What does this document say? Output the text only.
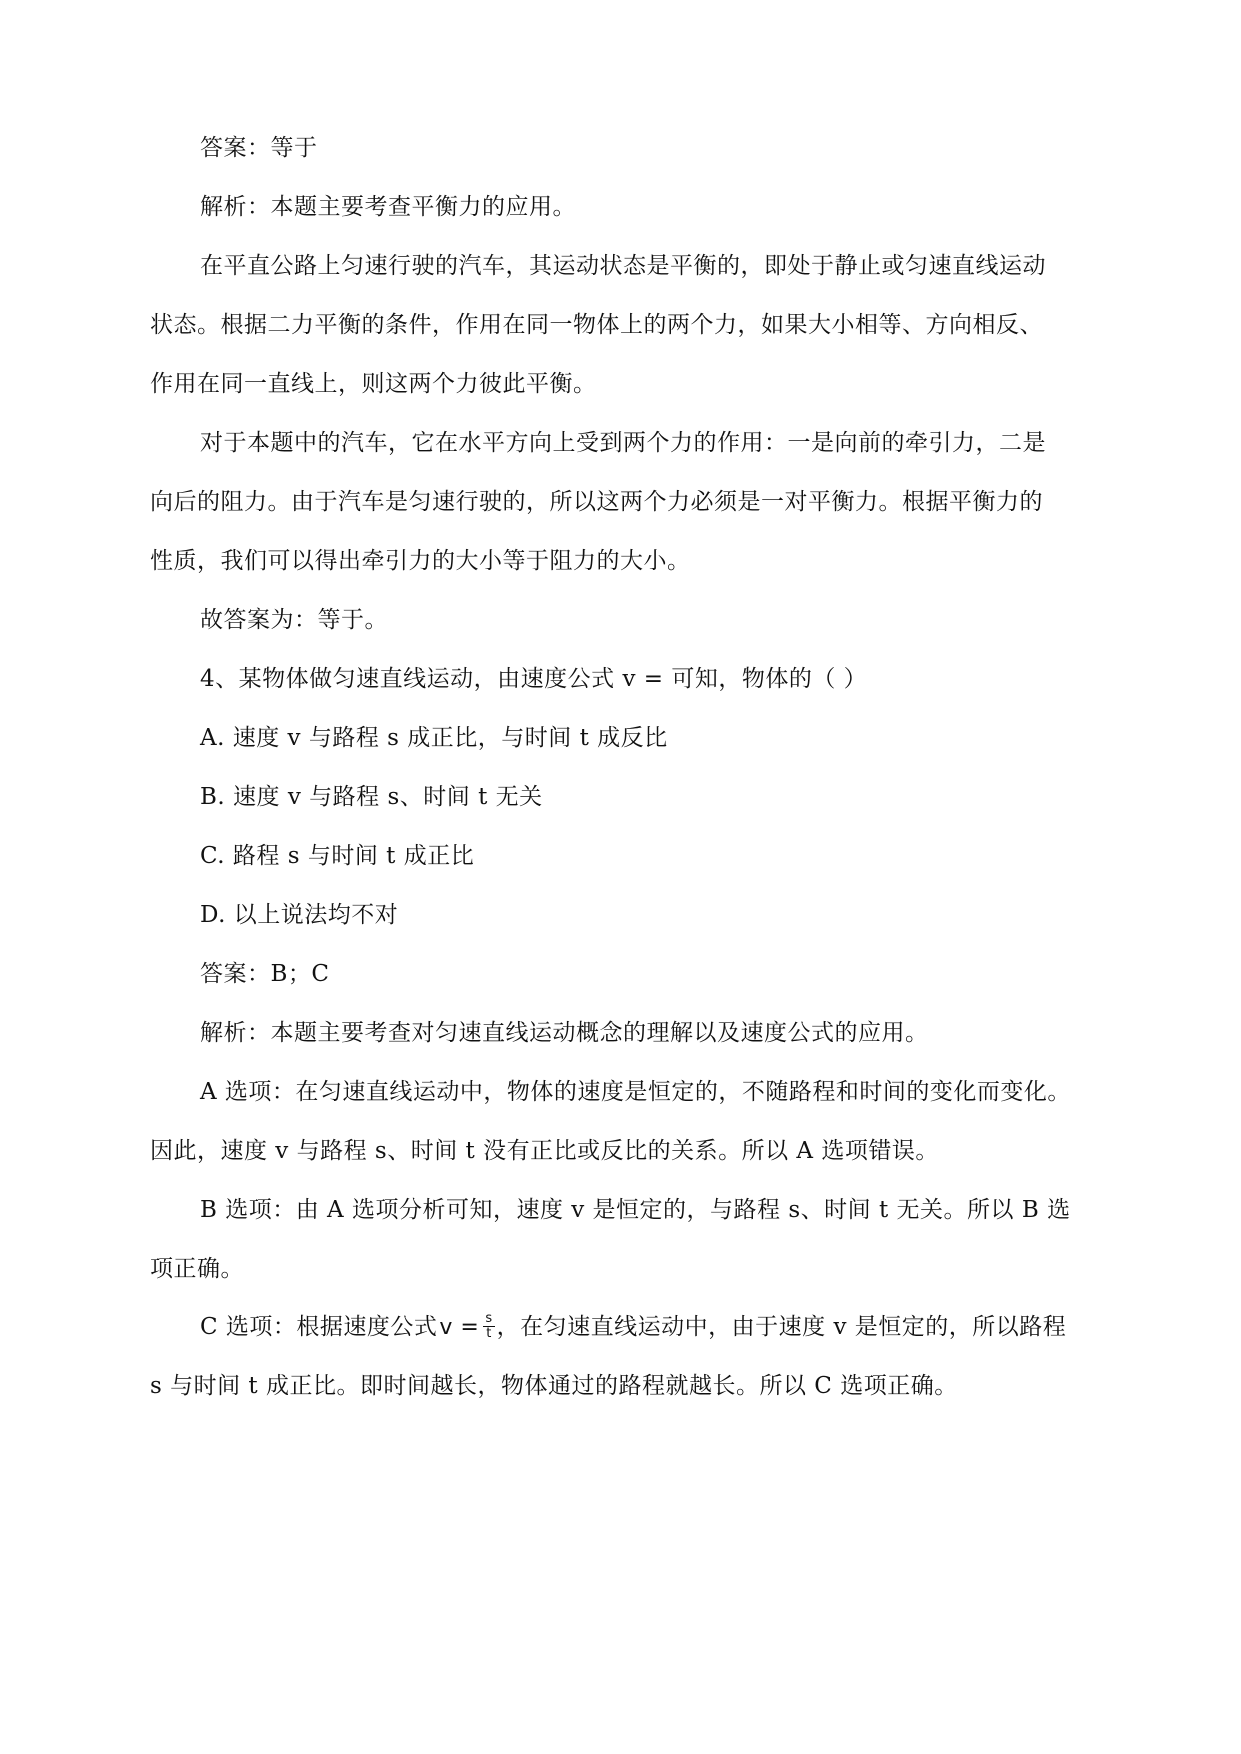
答案：等于
解析：本题主要考查平衡力的应用。
在平直公路上匀速行驶的汽车，其运动状态是平衡的，即处于静止或匀速直线运动
状态。根据二力平衡的条件，作用在同一物体上的两个力，如果大小相等、方向相反、
作用在同一直线上，则这两个力彼此平衡。
对于本题中的汽车，它在水平方向上受到两个力的作用：一是向前的牵引力，二是
向后的阻力。由于汽车是匀速行驶的，所以这两个力必须是一对平衡力。根据平衡力的
性质，我们可以得出牵引力的大小等于阻力的大小。
故答案为：等于。
4、某物体做匀速直线运动，由速度公式 v = 可知，物体的（ ）
A. 速度 v 与路程 s 成正比，与时间 t 成反比
B. 速度 v 与路程 s、时间 t 无关
C. 路程 s 与时间 t 成正比
D. 以上说法均不对
答案：B；C
解析：本题主要考查对匀速直线运动概念的理解以及速度公式的应用。
A 选项：在匀速直线运动中，物体的速度是恒定的，不随路程和时间的变化而变化。
因此，速度 v 与路程 s、时间 t 没有正比或反比的关系。所以 A 选项错误。
B 选项：由 A 选项分析可知，速度 v 是恒定的，与路程 s、时间 t 无关。所以 B 选
项正确。
C 选项：根据速度公式$v = \frac{s}{t}$ ，在匀速直线运动中，由于速度 v 是恒定的，所以路程
s 与时间 t 成正比。即时间越长，物体通过的路程就越长。所以 C 选项正确。
